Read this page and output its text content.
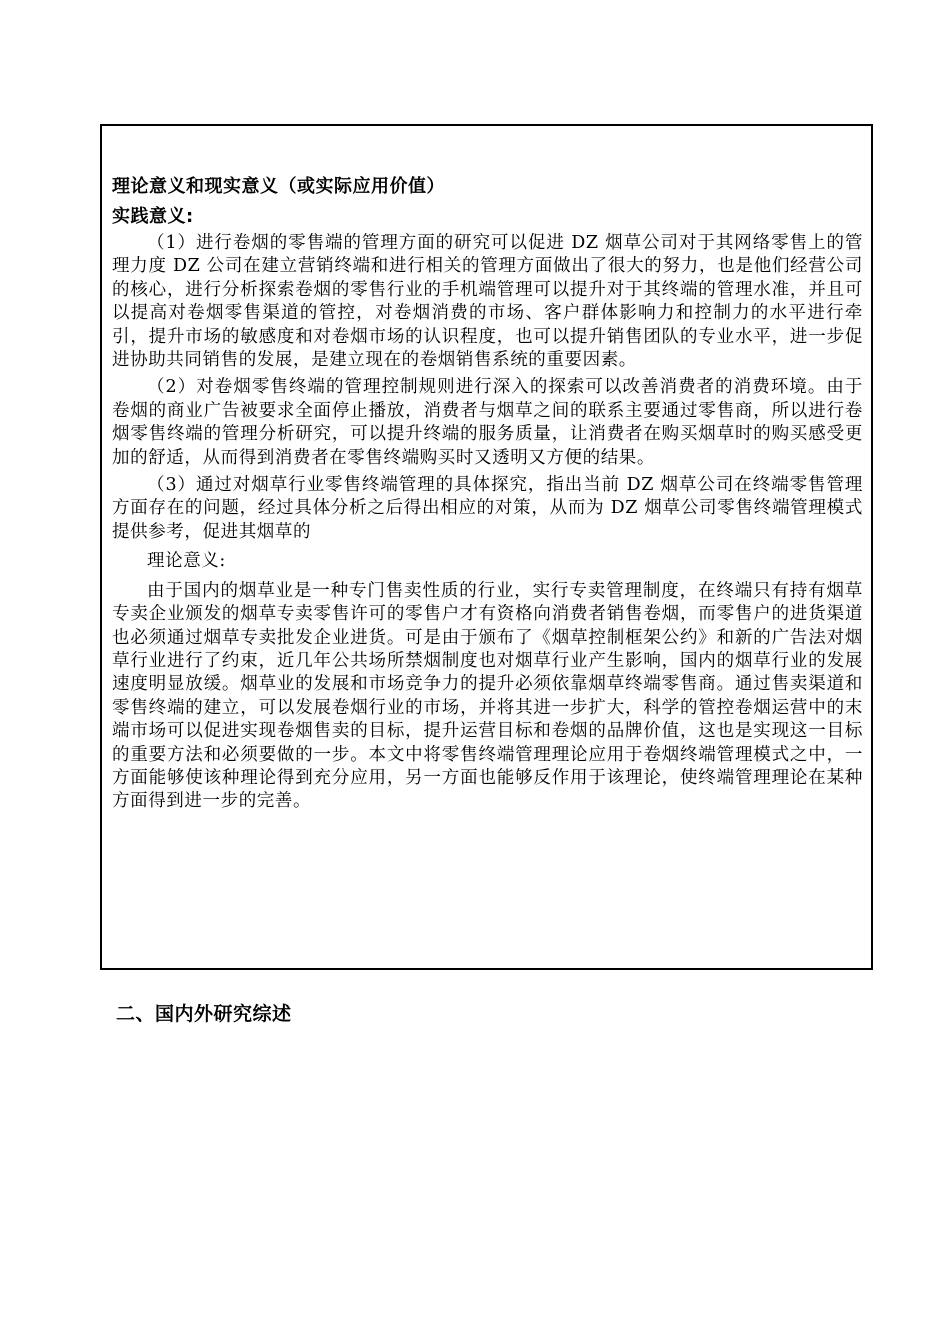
理论意义和现实意义（或实际应用价值）

实践意义:

（1）进行卷烟的零售端的管理方面的研究可以促进 DZ 烟草公司对于其网络零售上的管理力度 DZ 公司在建立营销终端和进行相关的管理方面做出了很大的努力，也是他们经营公司的核心，进行分析探索卷烟的零售行业的手机端管理可以提升对于其终端的管理水准，并且可以提高对卷烟零售渠道的管控，对卷烟消费的市场、客户群体影响力和控制力的水平进行牵引，提升市场的敏感度和对卷烟市场的认识程度，也可以提升销售团队的专业水平，进一步促进协助共同销售的发展，是建立现在的卷烟销售系统的重要因素。

（2）对卷烟零售终端的管理控制规则进行深入的探索可以改善消费者的消费环境。由于卷烟的商业广告被要求全面停止播放，消费者与烟草之间的联系主要通过零售商，所以进行卷烟零售终端的管理分析研究，可以提升终端的服务质量，让消费者在购买烟草时的购买感受更加的舒适，从而得到消费者在零售终端购买时又透明又方便的结果。

（3）通过对烟草行业零售终端管理的具体探究，指出当前 DZ 烟草公司在终端零售管理方面存在的问题，经过具体分析之后得出相应的对策，从而为 DZ 烟草公司零售终端管理模式提供参考，促进其烟草的

理论意义:

由于国内的烟草业是一种专门售卖性质的行业，实行专卖管理制度，在终端只有持有烟草专卖企业颁发的烟草专卖零售许可的零售户才有资格向消费者销售卷烟，而零售户的进货渠道也必须通过烟草专卖批发企业进货。可是由于颁布了《烟草控制框架公约》和新的广告法对烟草行业进行了约束，近几年公共场所禁烟制度也对烟草行业产生影响，国内的烟草行业的发展速度明显放缓。烟草业的发展和市场竞争力的提升必须依靠烟草终端零售商。通过售卖渠道和零售终端的建立，可以发展卷烟行业的市场，并将其进一步扩大，科学的管控卷烟运营中的末端市场可以促进实现卷烟售卖的目标，提升运营目标和卷烟的品牌价值，这也是实现这一目标的重要方法和必须要做的一步。本文中将零售终端管理理论应用于卷烟终端管理模式之中，一方面能够使该种理论得到充分应用，另一方面也能够反作用于该理论，使终端管理理论在某种方面得到进一步的完善。

二、国内外研究综述
